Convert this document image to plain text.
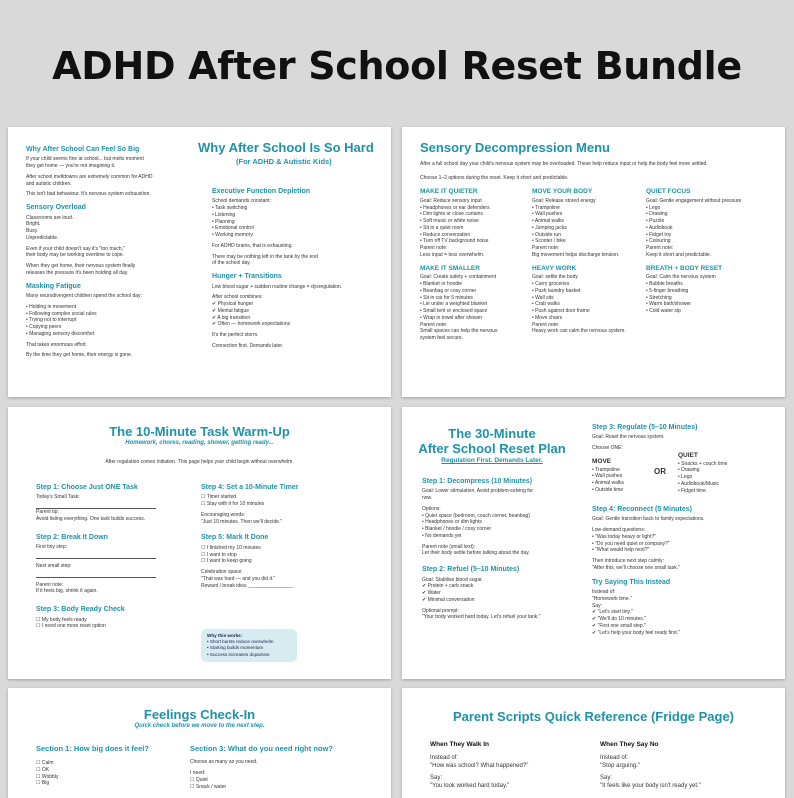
ADHD After School Reset Bundle
Why After School Is So Hard
(For ADHD & Autistic Kids)
Why After School Can Feel So Big
If your child seems fine at school... but melts moment
they get home — you're not imagining it.
After school meltdowns are extremely common for ADHD
and autistic children.
This isn't bad behaviour. It's nervous system exhaustion.
Sensory Overload
Classrooms are loud.
Bright.
Busy.
Unpredictable.
Even if your child doesn't say it's "too much,"
their body may be working overtime to cope.
When they get home, their nervous system finally
releases the pressure it's been holding all day.
Masking Fatigue
Many neurodivergent children spend the school day:
• Holding in movement
• Following complex social rules
• Trying not to interrupt
• Copying peers
• Managing sensory discomfort
That takes enormous effort.
By the time they get home, their energy is gone.
Executive Function Depletion
School demands constant:
• Task switching
• Listening
• Planning
• Emotional control
• Working memory
For ADHD brains, that is exhausting.
There may be nothing left in the tank by the end
of the school day.
Hunger + Transitions
Low blood sugar + sudden routine change = dysregulation.
After school combines:
✔ Physical hunger
✔ Mental fatigue
✔ A big transition
✔ Often — homework expectations
It's the perfect storm.
Connection first. Demands later.
Sensory Decompression Menu
After a full school day your child's nervous system may be overloaded. These help reduce input or help the body feel more settled.
Choose 1–2 options during the reset. Keep it short and predictable.
MAKE IT QUIETER
Goal: Reduce sensory input
• Headphones or ear defenders
• Dim lights or close curtains
• Soft music or white noise
• Sit in a quiet room
• Reduce conversation
• Turn off TV background noise
Parent note:
Less input = less overwhelm.
MAKE IT SMALLER
Goal: Create safety + containment
• Blanket or hoodie
• Beanbag or cosy corner
• Sit in car for 5 minutes
• Lie under a weighted blanket
• Small tent or enclosed space
• Wrap in towel after shower
Parent note:
Small spaces can help the nervous
system feel secure.
MOVE YOUR BODY
Goal: Release stored energy
• Trampoline
• Wall pushes
• Animal walks
• Jumping jacks
• Outside run
• Scooter / bike
Parent note:
Big movement helps discharge tension.
HEAVY WORK
Goal: settle the body
• Carry groceries
• Push laundry basket
• Wall sits
• Crab walks
• Push against door frame
• Move chairs
Parent note:
Heavy work can calm the nervous system.
QUIET FOCUS
Goal: Gentle engagement without pressure
• Lego
• Drawing
• Puzzle
• Audiobook
• Fidget toy
• Colouring
Parent note:
Keep it short and predictable.
BREATH + BODY RESET
Goal: Calm the nervous system
• Bubble breaths
• 5-finger breathing
• Stretching
• Warm bath/shower
• Cold water sip
The 10-Minute Task Warm-Up
Homework, chores, reading, shower, getting ready...
After regulation comes initiation. This page helps your child begin without overwhelm.
Step 1: Choose Just ONE Task
Today's Small Task:
Parent tip:
Avoid listing everything. One task builds success.
Step 2: Break It Down
First tiny step:
Next small step:
Parent note:
If it feels big, shrink it again.
Step 3: Body Ready Check
☐ My body feels ready
☐ I need one more reset option
Step 4: Set a 10-Minute Timer
☐ Timer started
☐ Stay with it for 10 minutes
Encouraging words:
"Just 10 minutes. Then we'll decide."
Step 5: Mark It Done
☐ I finished my 10 minutes
☐ I want to stop
☐ I want to keep going
Celebration space:
"That was hard — and you did it."
Reward / break idea: ________________
Why this works:
• Short bursts reduce overwhelm
• Starting builds momentum
• Success increases dopamine
The 30-Minute
After School Reset Plan
Regulation First. Demands Later.
Step 1: Decompress (10 Minutes)
Goal: Lower stimulation. Avoid problem-solving for
now.
Options:
• Quiet space (bedroom, couch corner, beanbag)
• Headphones or dim lights
• Blanket / hoodie / cosy corner
• No demands yet
Parent note (small text):
Let their body settle before talking about the day.
Step 2: Refuel (5–10 Minutes)
Goal: Stabilise blood sugar.
✔ Protein + carb snack
✔ Water
✔ Minimal conversation
Optional prompt:
"Your body worked hard today. Let's refuel your tank."
Step 3: Regulate (5–10 Minutes)
Goal: Reset the nervous system.
Choose ONE:
MOVE
• Trampoline
• Wall pushes
• Animal walks
• Outside time
OR
QUIET
• Snacks + couch time
• Drawing
• Lego
• Audiobook/Music
• Fidget time
Step 4: Reconnect (5 Minutes)
Goal: Gentle transition back to family expectations.
Low-demand questions:
• "Was today heavy or light?"
• "Do you need quiet or company?"
• "What would help next?"
Then introduce next step calmly:
"After this, we'll choose one small task."
Try Saying This Instead
Instead of:
"Homework time."
Say:
✔ "Let's start tiny."
✔ "We'll do 10 minutes."
✔ "First one small step."
✔ "Let's help your body feel ready first."
Feelings Check-In
Quick check before we move to the next step.
Section 1: How big does it feel?
☐ Calm
☐ OK
☐ Wobbly
☐ Big
Section 3: What do you need right now?
Choose as many as you need.
I need:
☐ Quiet
☐ Snack / water
Parent Scripts Quick Reference (Fridge Page)
When They Walk In
Instead of:
"How was school? What happened?"
Say:
"You look worked hard today."
When They Say No
Instead of:
"Stop arguing."
Say:
"It feels like your body isn't ready yet."
